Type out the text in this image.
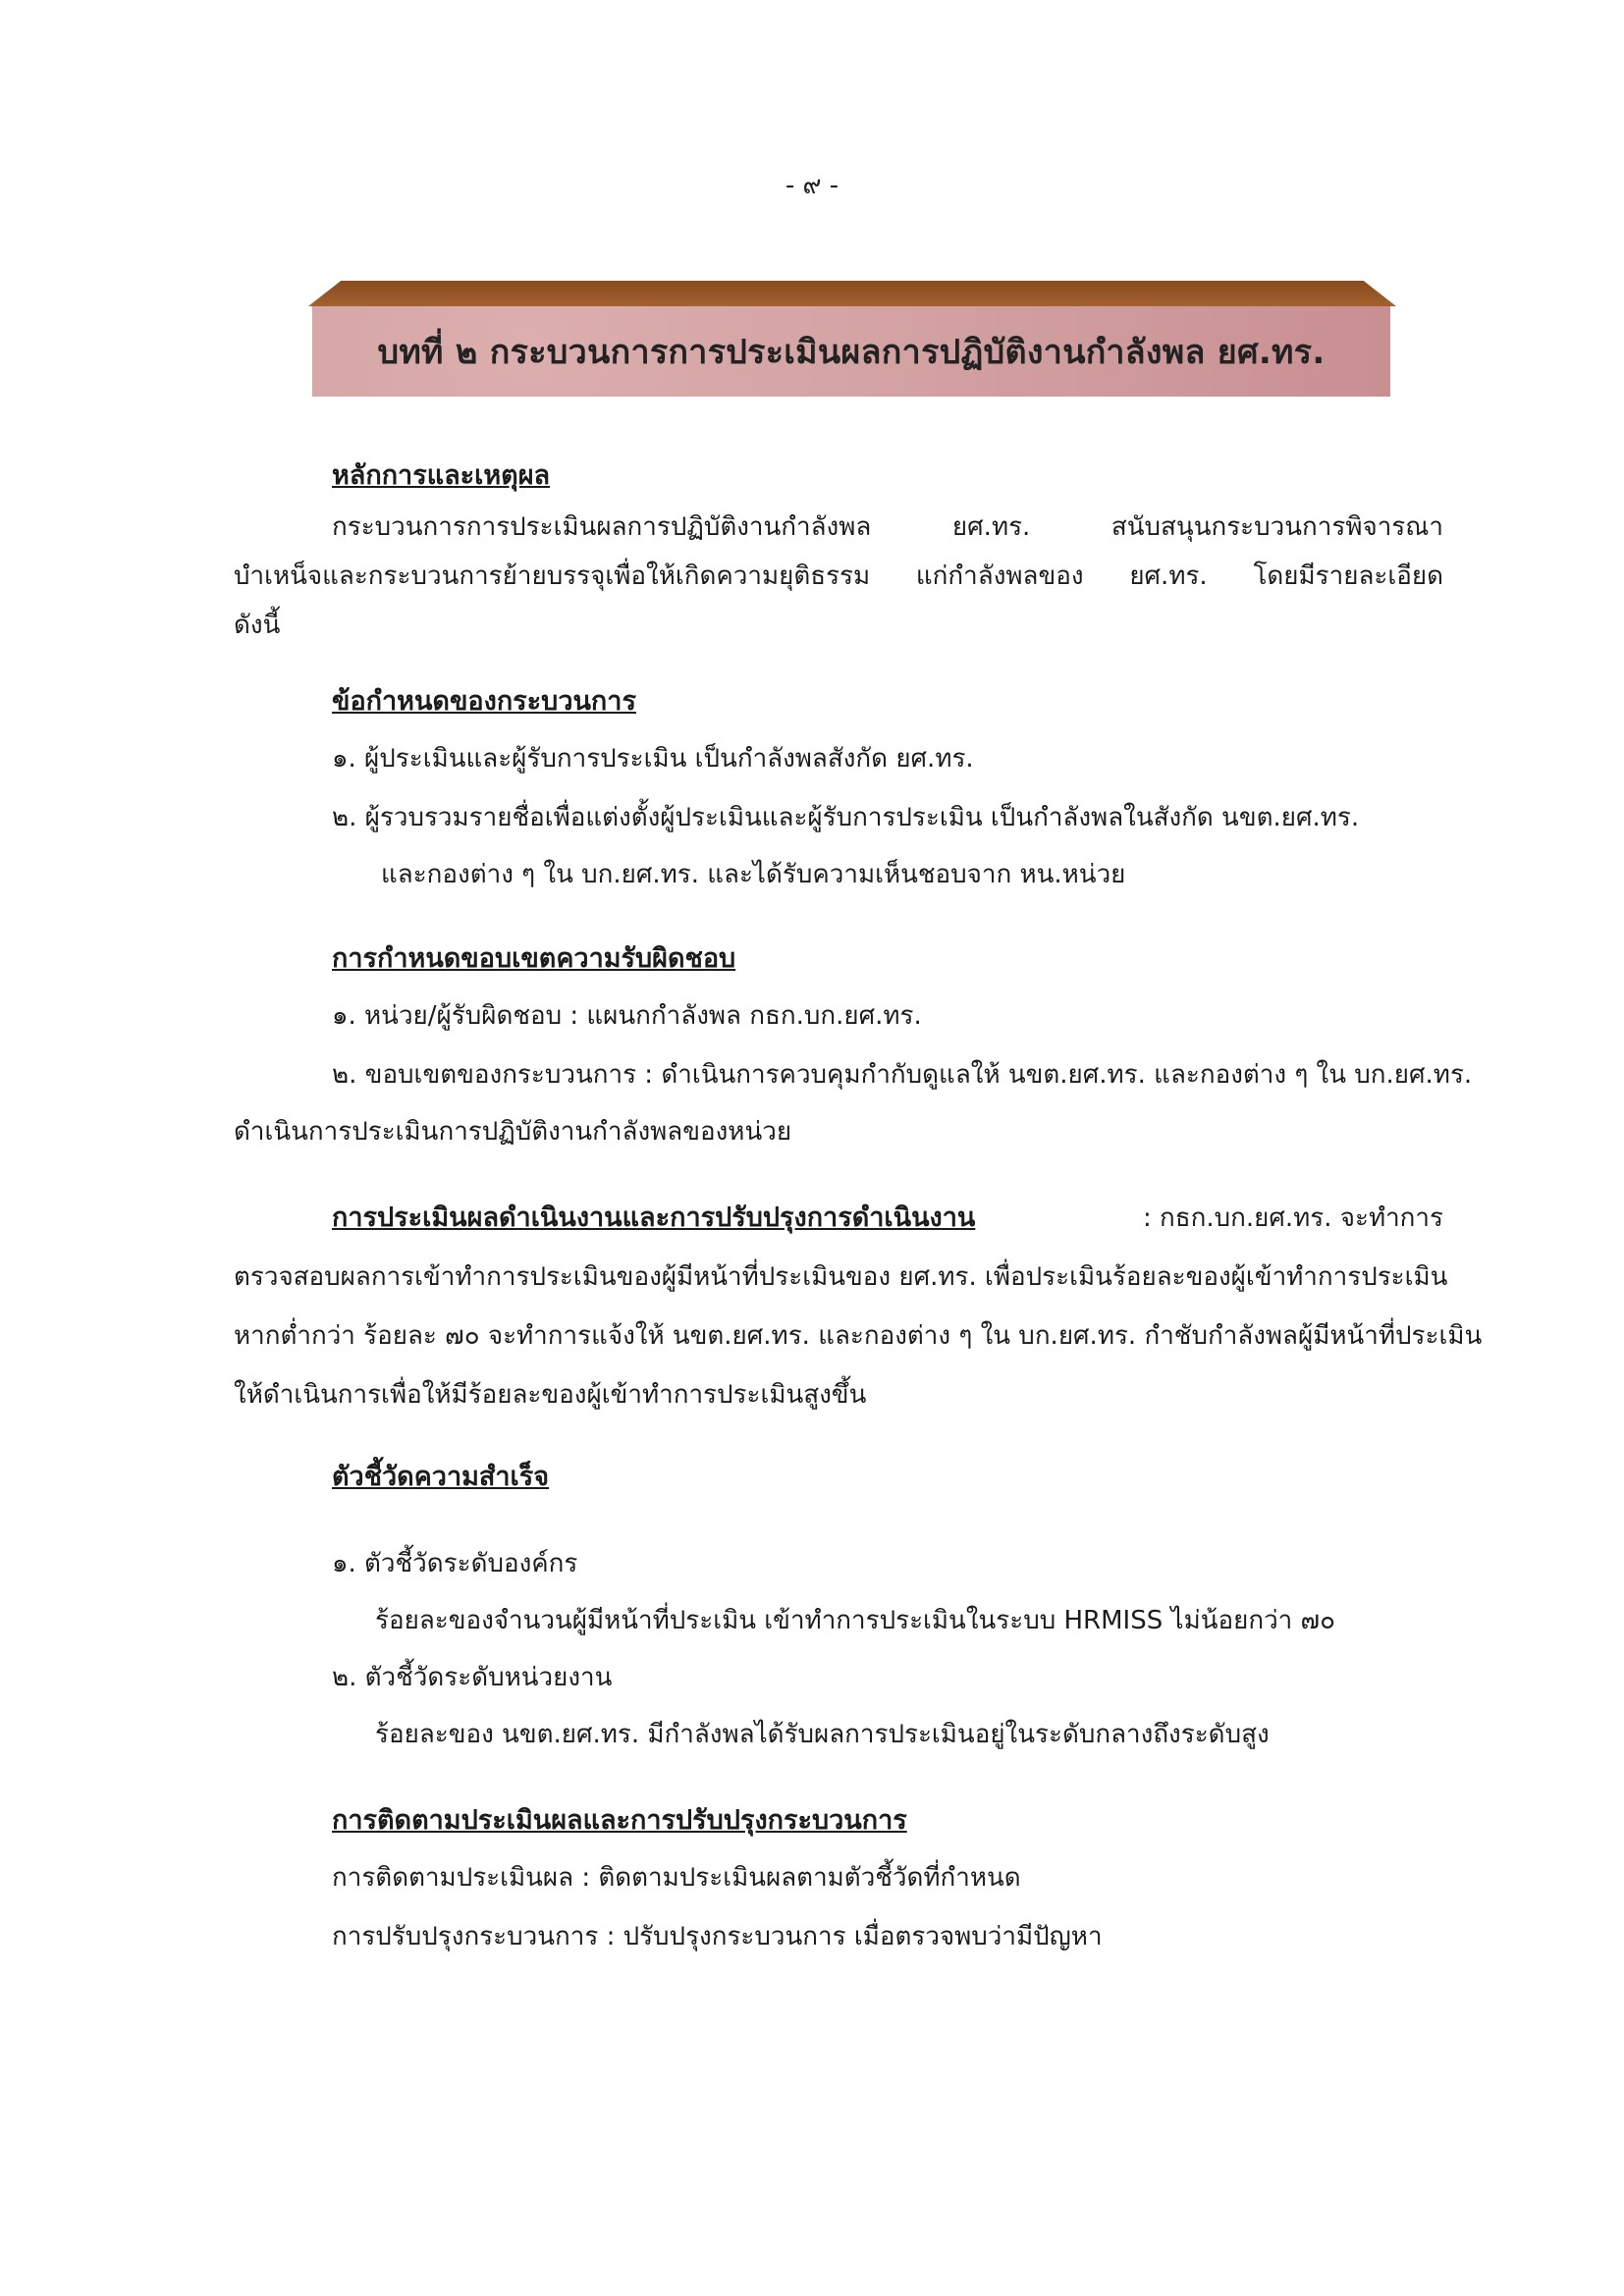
- ๙ -
บทที่ ๒ กระบวนการการประเมินผลการปฏิบัติงานกำลังพล ยศ.ทร.
หลักการและเหตุผล
กระบวนการการประเมินผลการปฏิบัติงานกำลังพล ยศ.ทร. สนับสนุนกระบวนการพิจารณา
บำเหน็จและกระบวนการย้ายบรรจุเพื่อให้เกิดความยุติธรรม แก่กำลังพลของ ยศ.ทร. โดยมีรายละเอียด
ดังนี้
ข้อกำหนดของกระบวนการ
๑. ผู้ประเมินและผู้รับการประเมิน เป็นกำลังพลสังกัด ยศ.ทร.
๒. ผู้รวบรวมรายชื่อเพื่อแต่งตั้งผู้ประเมินและผู้รับการประเมิน เป็นกำลังพลในสังกัด นขต.ยศ.ทร.
และกองต่าง ๆ ใน บก.ยศ.ทร. และได้รับความเห็นชอบจาก หน.หน่วย
การกำหนดขอบเขตความรับผิดชอบ
๑. หน่วย/ผู้รับผิดชอบ : แผนกกำลังพล กธก.บก.ยศ.ทร.
๒. ขอบเขตของกระบวนการ : ดำเนินการควบคุมกำกับดูแลให้ นขต.ยศ.ทร. และกองต่าง ๆ ใน บก.ยศ.ทร.
ดำเนินการประเมินการปฏิบัติงานกำลังพลของหน่วย
การประเมินผลดำเนินงานและการปรับปรุงการดำเนินงาน	: กธก.บก.ยศ.ทร. จะทำการ
ตรวจสอบผลการเข้าทำการประเมินของผู้มีหน้าที่ประเมินของ ยศ.ทร. เพื่อประเมินร้อยละของผู้เข้าทำการประเมิน
หากต่ำกว่า ร้อยละ ๗๐ จะทำการแจ้งให้ นขต.ยศ.ทร. และกองต่าง ๆ ใน บก.ยศ.ทร. กำชับกำลังพลผู้มีหน้าที่ประเมิน
ให้ดำเนินการเพื่อให้มีร้อยละของผู้เข้าทำการประเมินสูงขึ้น
ตัวชี้วัดความสำเร็จ
๑. ตัวชี้วัดระดับองค์กร
ร้อยละของจำนวนผู้มีหน้าที่ประเมิน เข้าทำการประเมินในระบบ HRMISS ไม่น้อยกว่า ๗๐
๒. ตัวชี้วัดระดับหน่วยงาน
ร้อยละของ นขต.ยศ.ทร. มีกำลังพลได้รับผลการประเมินอยู่ในระดับกลางถึงระดับสูง
การติดตามประเมินผลและการปรับปรุงกระบวนการ
การติดตามประเมินผล : ติดตามประเมินผลตามตัวชี้วัดที่กำหนด
การปรับปรุงกระบวนการ : ปรับปรุงกระบวนการ เมื่อตรวจพบว่ามีปัญหา
